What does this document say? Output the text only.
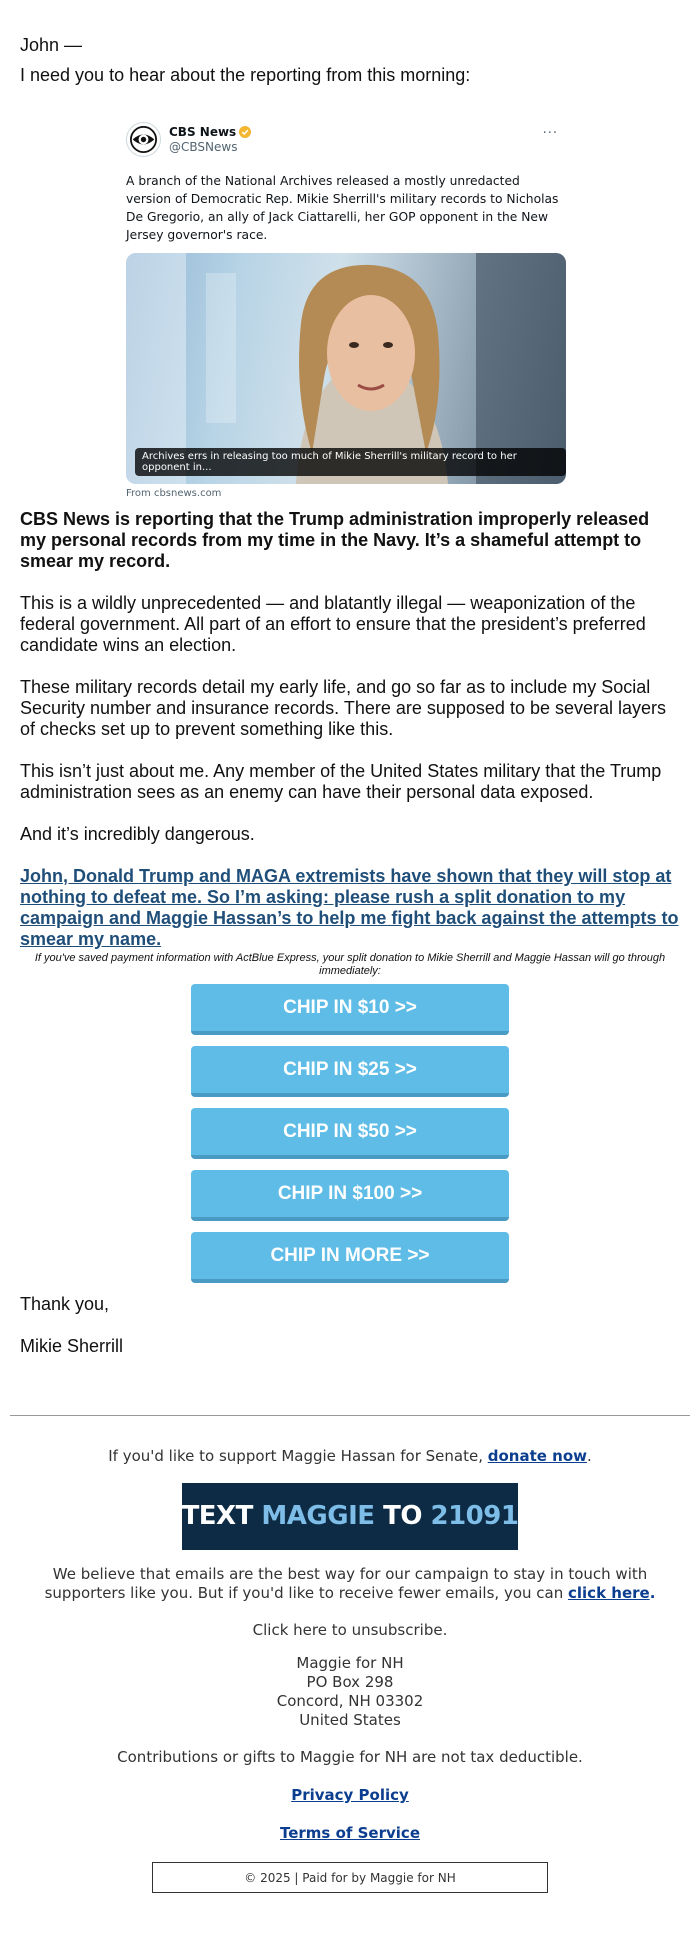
John —

I need you to hear about the reporting from this morning:

CBS News
@CBSNews
···
A branch of the National Archives released a mostly unredacted version of Democratic Rep. Mikie Sherrill's military records to Nicholas De Gregorio, an ally of Jack Ciattarelli, her GOP opponent in the New Jersey governor's race.
Archives errs in releasing too much of Mikie Sherrill's military record to her opponent in...
From cbsnews.com

CBS News is reporting that the Trump administration improperly released my personal records from my time in the Navy. It’s a shameful attempt to smear my record.

This is a wildly unprecedented — and blatantly illegal — weaponization of the federal government. All part of an effort to ensure that the president’s preferred candidate wins an election.

These military records detail my early life, and go so far as to include my Social Security number and insurance records. There are supposed to be several layers of checks set up to prevent something like this.

This isn’t just about me. Any member of the United States military that the Trump administration sees as an enemy can have their personal data exposed.

And it’s incredibly dangerous.

John, Donald Trump and MAGA extremists have shown that they will stop at nothing to defeat me. So I’m asking: please rush a split donation to my campaign and Maggie Hassan’s to help me fight back against the attempts to smear my name.

If you've saved payment information with ActBlue Express, your split donation to Mikie Sherrill and Maggie Hassan will go through immediately:

CHIP IN $10 >>
CHIP IN $25 >>
CHIP IN $50 >>
CHIP IN $100 >>
CHIP IN MORE >>

Thank you,

Mikie Sherrill

If you'd like to support Maggie Hassan for Senate, donate now.
TEXT MAGGIE TO 21091
We believe that emails are the best way for our campaign to stay in touch with supporters like you. But if you'd like to receive fewer emails, you can click here.
Click here to unsubscribe.
Maggie for NH
PO Box 298
Concord, NH 03302
United States
Contributions or gifts to Maggie for NH are not tax deductible.
Privacy Policy
Terms of Service
© 2025 | Paid for by Maggie for NH
